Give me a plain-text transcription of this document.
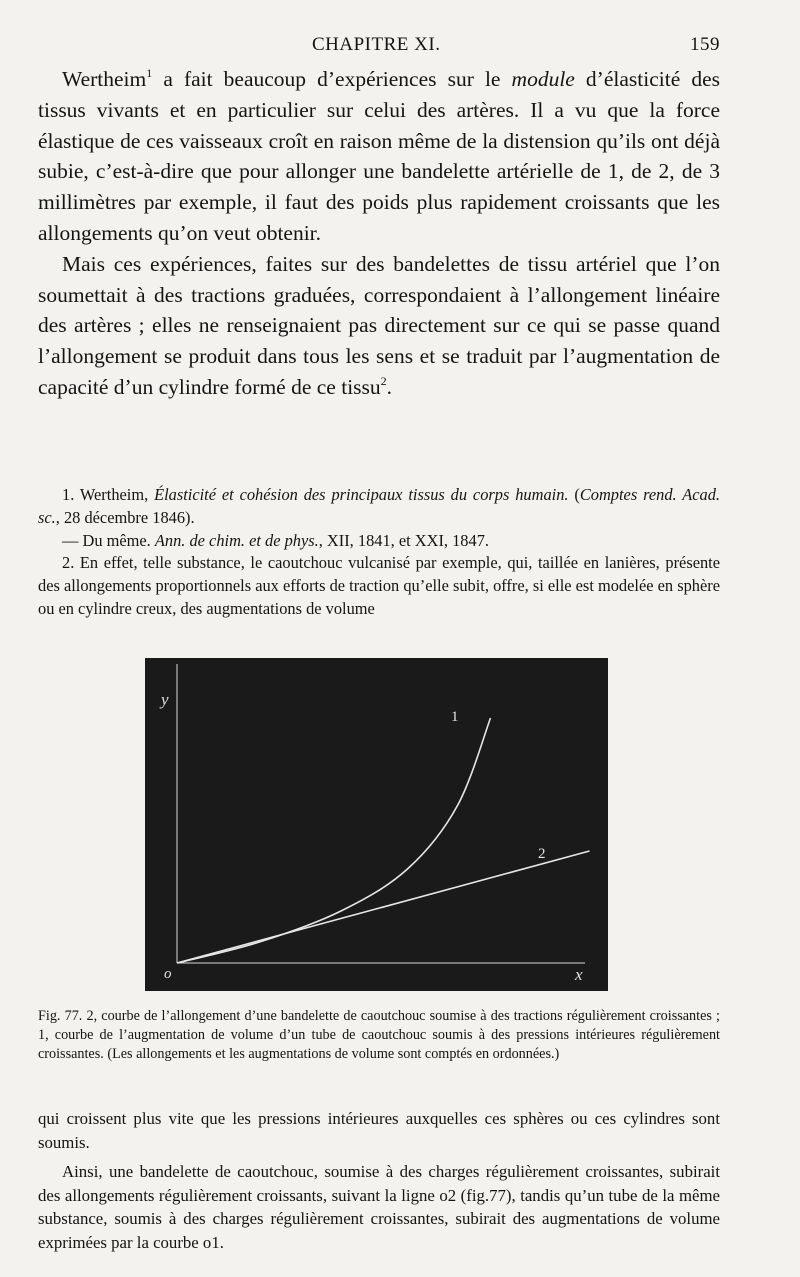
CHAPITRE XI.	159

Wertheim$^1$ a fait beaucoup d’expériences sur le module d’élasticité des tissus vivants et en particulier sur celui des artères. Il a vu que la force élastique de ces vaisseaux croît en raison même de la distension qu’ils ont déjà subie, c’est-à-dire que pour allonger une bandelette artérielle de 1, de 2, de 3 millimètres par exemple, il faut des poids plus rapidement croissants que les allongements qu’on veut obtenir.

Mais ces expériences, faites sur des bandelettes de tissu artériel que l’on soumettait à des tractions graduées, correspondaient à l’allongement linéaire des artères ; elles ne renseignaient pas directement sur ce qui se passe quand l’allongement se produit dans tous les sens et se traduit par l’augmentation de capacité d’un cylindre formé de ce tissu$^2$.

1. Wertheim, Élasticité et cohésion des principaux tissus du corps humain. (Comptes rend. Acad. sc., 28 décembre 1846).

— Du même. Ann. de chim. et de phys., XII, 1841, et XXI, 1847.

2. En effet, telle substance, le caoutchouc vulcanisé par exemple, qui, taillée en lanières, présente des allongements proportionnels aux efforts de traction qu’elle subit, offre, si elle est modelée en sphère ou en cylindre creux, des augmentations de volume

y
x
o
1
2

Fig. 77. 2, courbe de l’allongement d’une bandelette de caoutchouc soumise à des tractions régulièrement croissantes ; 1, courbe de l’augmentation de volume d’un tube de caoutchouc soumis à des pressions intérieures régulièrement croissantes. (Les allongements et les augmentations de volume sont comptés en ordonnées.)

qui croissent plus vite que les pressions intérieures auxquelles ces sphères ou ces cylindres sont soumis.

Ainsi, une bandelette de caoutchouc, soumise à des charges régulièrement croissantes, subirait des allongements régulièrement croissants, suivant la ligne o2 (fig.77), tandis qu’un tube de la même substance, soumis à des charges régulièrement croissantes, subirait des augmentations de volume exprimées par la courbe o1.
